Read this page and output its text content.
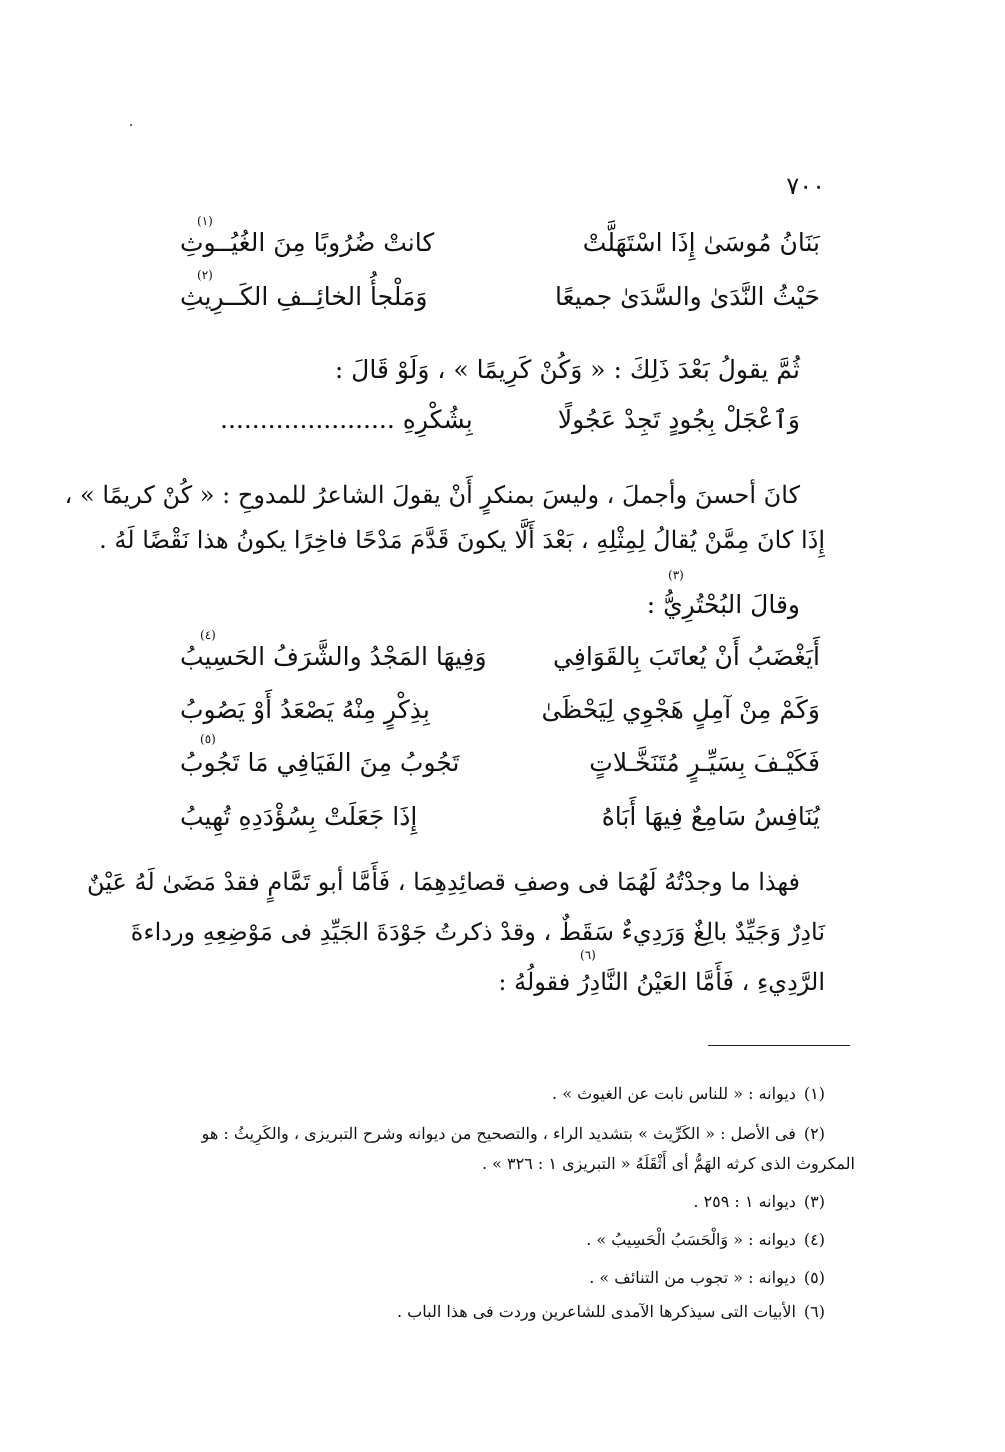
٧٠٠
بَنَانُ مُوسَىٰ إِذَا اسْتَهَلَّتْ
كانتْ ضُرُوبًا مِنَ الغُيُــوثِ
(١)
حَيْثُ النَّدَىٰ والسَّدَىٰ جميعًا
وَمَلْجأُ الخائِــفِ الكَــرِيثِ
(٢)
ثُمَّ يقولُ بَعْدَ ذَلِكَ : « وَكُنْ كَرِيمًا » ، وَلَوْ قَالَ :
وَٱعْجَلْ بِجُودٍ تَجِدْ عَجُولًا
بِشُكْرِهِ ......................
كانَ أحسنَ وأجملَ ، وليسَ بمنكرٍ أَنْ يقولَ الشاعرُ للمدوحِ : « كُنْ كريمًا » ،
إِذَا كانَ مِمَّنْ يُقالُ لِمِثْلِهِ ، بَعْدَ أَلَّا يكونَ قَدَّمَ مَدْحًا فاخِرًا يكونُ هذا نَقْضًا لَهُ .
وقالَ البُحْتُرِيُّ :
(٣)
أَيَغْضَبُ أَنْ يُعاتَبَ بِالقَوَافِي
وَفِيهَا المَجْدُ والشَّرَفُ الحَسِيبُ
(٤)
وَكَمْ مِنْ آمِلٍ هَجْوِي لِيَحْظَىٰ
بِذِكْرٍ مِنْهُ يَصْعَدُ أَوْ يَصُوبُ
فَكَيْـفَ بِسَيِّـرٍ مُتَنَخَّـلاتٍ
تَجُوبُ مِنَ الفَيَافِي مَا تَجُوبُ
(٥)
يُنَافِسُ سَامِعٌ فِيهَا أَبَاهُ
إِذَا جَعَلَتْ بِسُؤْدَدِهِ تُهِيبُ
فهذا ما وجدْتُهُ لَهُمَا فى وصفِ قصائِدِهِمَا ، فَأَمَّا أبو تَمَّامٍ فقدْ مَضَىٰ لَهُ عَيْنٌ
نَادِرٌ وَجَيِّدٌ بالِغٌ وَرَدِيءٌ سَقَطٌ ، وقدْ ذكرتُ جَوْدَةَ الجَيِّدِ فى مَوْضِعِهِ ورداءةَ
الرَّدِيءِ ، فَأَمَّا العَيْنُ النَّادِرُ فقولُهُ :
(٦)
(١)ديوانه : « للناس نابت عن الغيوث » .
(٢)فى الأصل : « الكَرِّيث » بتشديد الراء ، والتصحيح من ديوانه وشرح التبريزى ، والكَرِيثُ : هو
المكروث الذى كرثه الهَمُّ أى أَثْقَلَهُ « التبريزى ١ : ٣٢٦ » .
(٣)ديوانه ١ : ٢٥٩ .
(٤)ديوانه : « وَالْحَسَبُ الْحَسِيبُ » .
(٥)ديوانه : « تجوب من التنائف » .
(٦)الأبيات التى سيذكرها الآمدى للشاعرين وردت فى هذا الباب .
